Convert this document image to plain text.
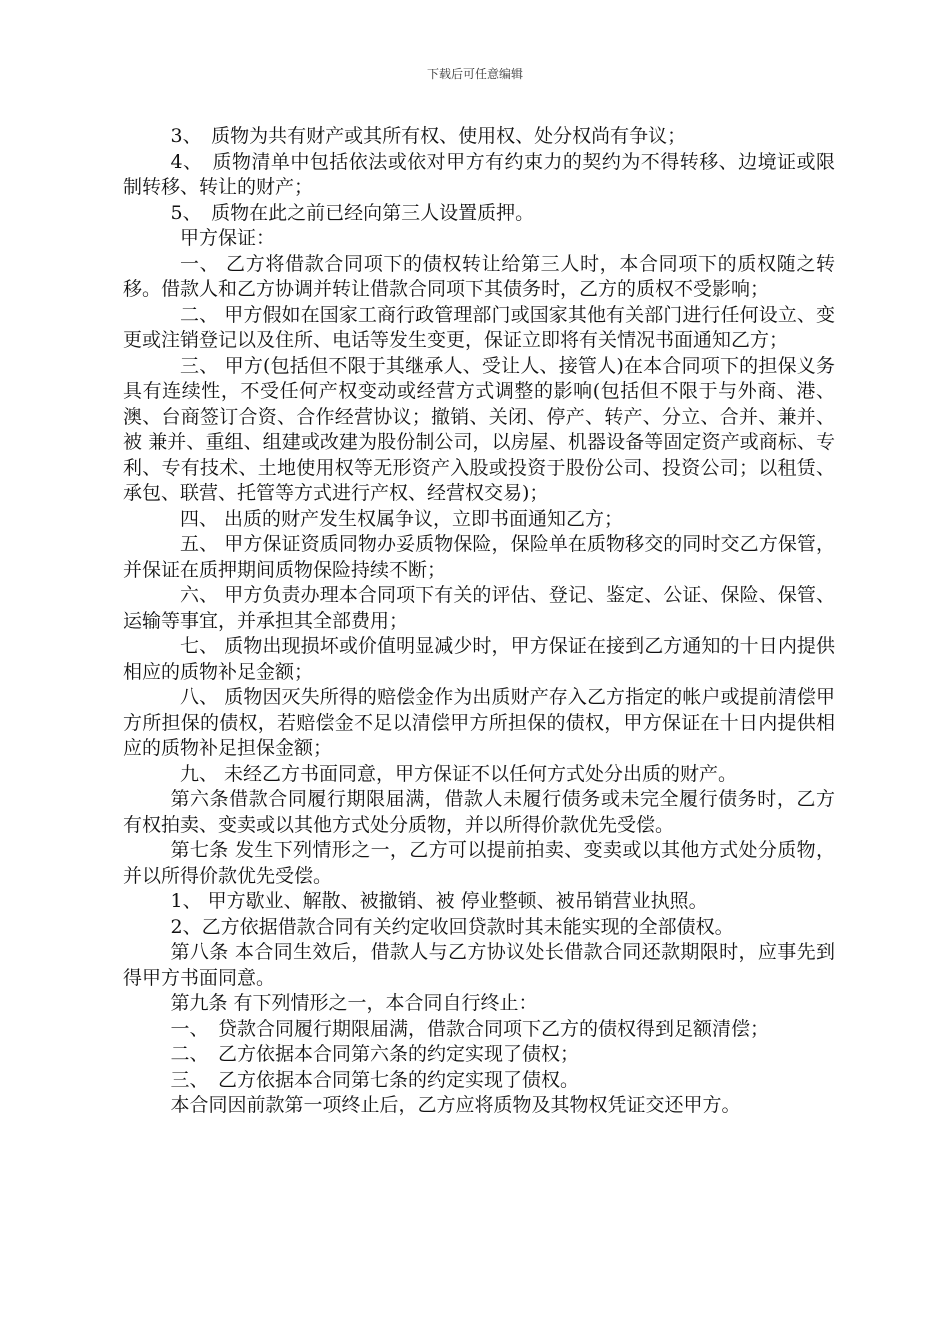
下载后可任意编辑

3、　质物为共有财产或其所有权、使用权、处分权尚有争议；

4、　质物清单中包括依法或依对甲方有约束力的契约为不得转移、边境证或限制转移、转让的财产；

5、　质物在此之前已经向第三人设置质押。

甲方保证：

一、 乙方将借款合同项下的债权转让给第三人时，本合同项下的质权随之转移。借款人和乙方协调并转让借款合同项下其债务时，乙方的质权不受影响；

二、 甲方假如在国家工商行政管理部门或国家其他有关部门进行任何设立、变更或注销登记以及住所、电话等发生变更，保证立即将有关情况书面通知乙方；

三、 甲方(包括但不限于其继承人、受让人、接管人)在本合同项下的担保义务具有连续性，不受任何产权变动或经营方式调整的影响(包括但不限于与外商、港、澳、台商签订合资、合作经营协议；撤销、关闭、停产、转产、分立、合并、兼并、被 兼并、重组、组建或改建为股份制公司，以房屋、机器设备等固定资产或商标、专利、专有技术、土地使用权等无形资产入股或投资于股份公司、投资公司；以租赁、承包、联营、托管等方式进行产权、经营权交易)；

四、 出质的财产发生权属争议，立即书面通知乙方；

五、 甲方保证资质同物办妥质物保险，保险单在质物移交的同时交乙方保管，并保证在质押期间质物保险持续不断；

六、 甲方负责办理本合同项下有关的评估、登记、鉴定、公证、保险、保管、运输等事宜，并承担其全部费用；

七、 质物出现损坏或价值明显减少时，甲方保证在接到乙方通知的十日内提供相应的质物补足金额；

八、 质物因灭失所得的赔偿金作为出质财产存入乙方指定的帐户或提前清偿甲方所担保的债权，若赔偿金不足以清偿甲方所担保的债权，甲方保证在十日内提供相应的质物补足担保金额；

九、 未经乙方书面同意，甲方保证不以任何方式处分出质的财产。

第六条借款合同履行期限届满，借款人未履行债务或未完全履行债务时，乙方有权拍卖、变卖或以其他方式处分质物，并以所得价款优先受偿。

第七条 发生下列情形之一，乙方可以提前拍卖、变卖或以其他方式处分质物，并以所得价款优先受偿。

1、 甲方歇业、解散、被撤销、被 停业整顿、被吊销营业执照。

2、乙方依据借款合同有关约定收回贷款时其未能实现的全部债权。

第八条 本合同生效后，借款人与乙方协议处长借款合同还款期限时，应事先到得甲方书面同意。

第九条 有下列情形之一，本合同自行终止：

一、　贷款合同履行期限届满，借款合同项下乙方的债权得到足额清偿；

二、　乙方依据本合同第六条的约定实现了债权；

三、　乙方依据本合同第七条的约定实现了债权。

本合同因前款第一项终止后，乙方应将质物及其物权凭证交还甲方。
